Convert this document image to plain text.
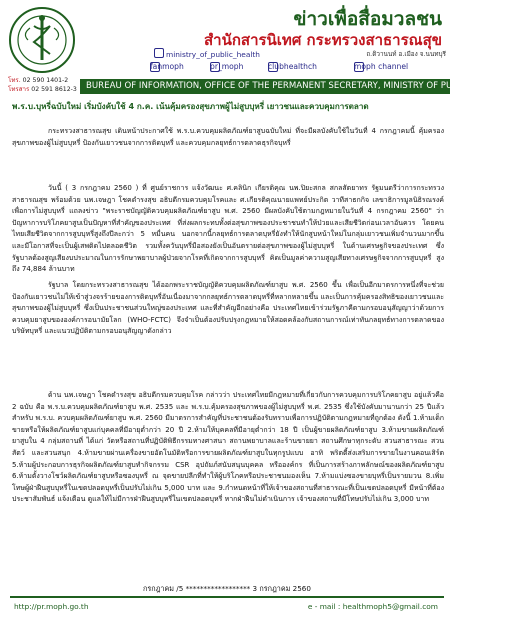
ข่าวเพื่อสื่อมวลชน
สำนักสารนิเทศ กระทรวงสาธารณสุข
ministry_of_public_health	ถ.ติวานนท์ อ.เมือง จ.นนทบุรี
fanmoph	pr_moph	clubhealthch	moph channel
โทร. 02 590 1401-2
โทรสาร 02 591 8612-3	BUREAU OF INFORMATION, OFFICE OF THE PERMANENT SECRETARY, MINISTRY OF PUBLIC HEALTH
พ.ร.บ.บุหรี่ฉบับใหม่ เริ่มบังคับใช้ 4 ก.ค. เน้นคุ้มครองสุขภาพผู้ไม่สูบบุหรี่ เยาวชนและควบคุมการตลาด
กระทรวงสาธารณสุข เดินหน้าประกาศใช้ พ.ร.บ.ควบคุมผลิตภัณฑ์ยาสูบฉบับใหม่ ที่จะมีผลบังคับใช้ในวันที่ 4 กรกฎาคมนี้ คุ้มครองสุขภาพของผู้ไม่สูบบุหรี่ ป้องกันเยาวชนจากการติดบุหรี่ และควบคุมกลยุทธ์การตลาดธุรกิจบุหรี่
วันนี้ ( 3 กรกฎาคม 2560 ) ที่ ศูนย์ราชการ แจ้งวัฒนะ ศ.คลินิก เกียรติคุณ นพ.ปิยะสกล สกลสัตยาทร รัฐมนตรีว่าการกระทรวงสาธารณสุข พร้อมด้วย นพ.เจษฎา โชคดำรงสุข อธิบดีกรมควบคุมโรคและ ศ.เกียรติคุณนายแพทย์ประกิต วาทีสาธกกิจ เลขาธิการมูลนิธิรณรงค์เพื่อการไม่สูบบุหรี่ แถลงข่าว "พระราชบัญญัติควบคุมผลิตภัณฑ์ยาสูบ พ.ศ. 2560 มีผลบังคับใช้ตามกฎหมายในวันที่ 4 กรกฎาคม 2560" ว่าปัญหาการบริโภคยาสูบเป็นปัญหาที่สำคัญของประเทศ ที่ส่งผลกระทบทั้งต่อสุขภาพของประชาชนทำให้ป่วยและเสียชีวิตก่อนเวลาอันควร โดยคนไทยเสียชีวิตจากการสูบบุหรี่สูงถึงปีละกว่า 5 หมื่นคน นอกจากนี้กลยุทธ์การตลาดบุหรี่ยังทำให้นักสูบหน้าใหม่ในกลุ่มเยาวชนเพิ่มจำนวนมากขึ้น และมีโอกาสที่จะเป็นผู้เสพติดไปตลอดชีวิต รวมทั้งควันบุหรี่มือสองยังเป็นอันตรายต่อสุขภาพของผู้ไม่สูบบุหรี่ ในด้านเศรษฐกิจของประเทศ ซึ่งรัฐบาลต้องสูญเสียงบประมาณในการรักษาพยาบาลผู้ป่วยจากโรคที่เกิดจากการสูบบุหรี่ คิดเป็นมูลค่าความสูญเสียทางเศรษฐกิจจากการสูบบุหรี่ สูงถึง 74,884 ล้านบาท
รัฐบาล โดยกระทรวงสาธารณสุข ได้ออกพระราชบัญญัติควบคุมผลิตภัณฑ์ยาสูบ พ.ศ. 2560 ขึ้น เพื่อเป็นอีกมาตรการหนึ่งที่จะช่วยป้องกันเยาวชนไม่ให้เข้าสู่วงจรร้ายของการติดบุหรี่อันเนื่องมาจากกลยุทธ์การตลาดบุหรี่ที่หลากหลายขึ้น และเป็นการคุ้มครองสิทธิของเยาวชนและสุขภาพของผู้ไม่สูบบุหรี่ ซึ่งเป็นประชาชนส่วนใหญ่ของประเทศ และที่สำคัญอีกอย่างคือ ประเทศไทยเข้าร่วมรัฐภาคีตามกรอบอนุสัญญาว่าด้วยการควบคุมยาสูบขององค์การอนามัยโลก (WHO-FCTC) จึงจำเป็นต้องปรับปรุงกฎหมายให้สอดคล้องกับสถานการณ์เท่าทันกลยุทธ์ทางการตลาดของบริษัทบุหรี่ และแนวปฏิบัติตามกรอบอนุสัญญาดังกล่าว
ด้าน นพ.เจษฎา โชคดำรงสุข อธิบดีกรมควบคุมโรค กล่าวว่า ประเทศไทยมีกฎหมายที่เกี่ยวกับการควบคุมการบริโภคยาสูบ อยู่แล้วคือ 2 ฉบับ คือ พ.ร.บ.ควบคุมผลิตภัณฑ์ยาสูบ พ.ศ. 2535 และ พ.ร.บ.คุ้มครองสุขภาพของผู้ไม่สูบบุหรี่ พ.ศ. 2535 ซึ่งใช้บังคับมานานกว่า 25 ปีแล้ว สำหรับ พ.ร.บ. ควบคุมผลิตภัณฑ์ยาสูบ พ.ศ. 2560 มีมาตรการสำคัญที่ประชาชนต้องรับทราบเพื่อการปฏิบัติตามกฎหมายที่ถูกต้อง ดังนี้ 1.ห้ามเด็กขายหรือให้ผลิตภัณฑ์ยาสูบแก่บุคคลที่มีอายุต่ำกว่า 20 ปี 2.ห้ามให้บุคคลที่มีอายุต่ำกว่า 18 ปี เป็นผู้ขายผลิตภัณฑ์ยาสูบ 3.ห้ามขายผลิตภัณฑ์ยาสูบใน 4 กลุ่มสถานที่ ได้แก่ วัดหรือสถานที่ปฏิบัติพิธีกรรมทางศาสนา สถานพยาบาลและร้านขายยา สถานศึกษาทุกระดับ สวนสาธารณะ สวนสัตว์ และสวนสนุก 4.ห้ามขายผ่านเครื่องขายอัตโนมัติหรือการขายผลิตภัณฑ์ยาสูบในทุกรูปแบบ อาทิ พริตตี้ส่งเสริมการขายในงานคอนเสิร์ต 5.ห้ามผู้ประกอบการธุรกิจผลิตภัณฑ์ยาสูบทำกิจกรรม CSR อุปถัมภ์สนับสนุนบุคคล หรือองค์กร ที่เป็นการสร้างภาพลักษณ์ของผลิตภัณฑ์ยาสูบ 6.ห้ามตั้งวางโชว์ผลิตภัณฑ์ยาสูบหรือซองบุหรี่ ณ จุดขายปลีกที่ทำให้ผู้บริโภคหรือประชาชนมองเห็น 7.ห้ามแบ่งซองขายบุหรี่เป็นรายมวน 8.เพิ่มโทษผู้ฝ่าฝืนสูบบุหรี่ในเขตปลอดบุหรี่เป็นปรับไม่เกิน 5,000 บาท และ 9.กำหนดหน้าที่ให้เจ้าของสถานที่สาธารณะที่เป็นเขตปลอดบุหรี่ มีหน้าที่ต้องประชาสัมพันธ์ แจ้งเตือน ดูแลให้ไม่มีการฝ่าฝืนสูบบุหรี่ในเขตปลอดบุหรี่ หากฝ่าฝืนไม่ดำเนินการ เจ้าของสถานที่มีโทษปรับไม่เกิน 3,000 บาท
กรกฎาคม /5 ****************** 3 กรกฎาคม 2560
http://pr.moph.go.th	e - mail : healthmoph5@gmail.com
